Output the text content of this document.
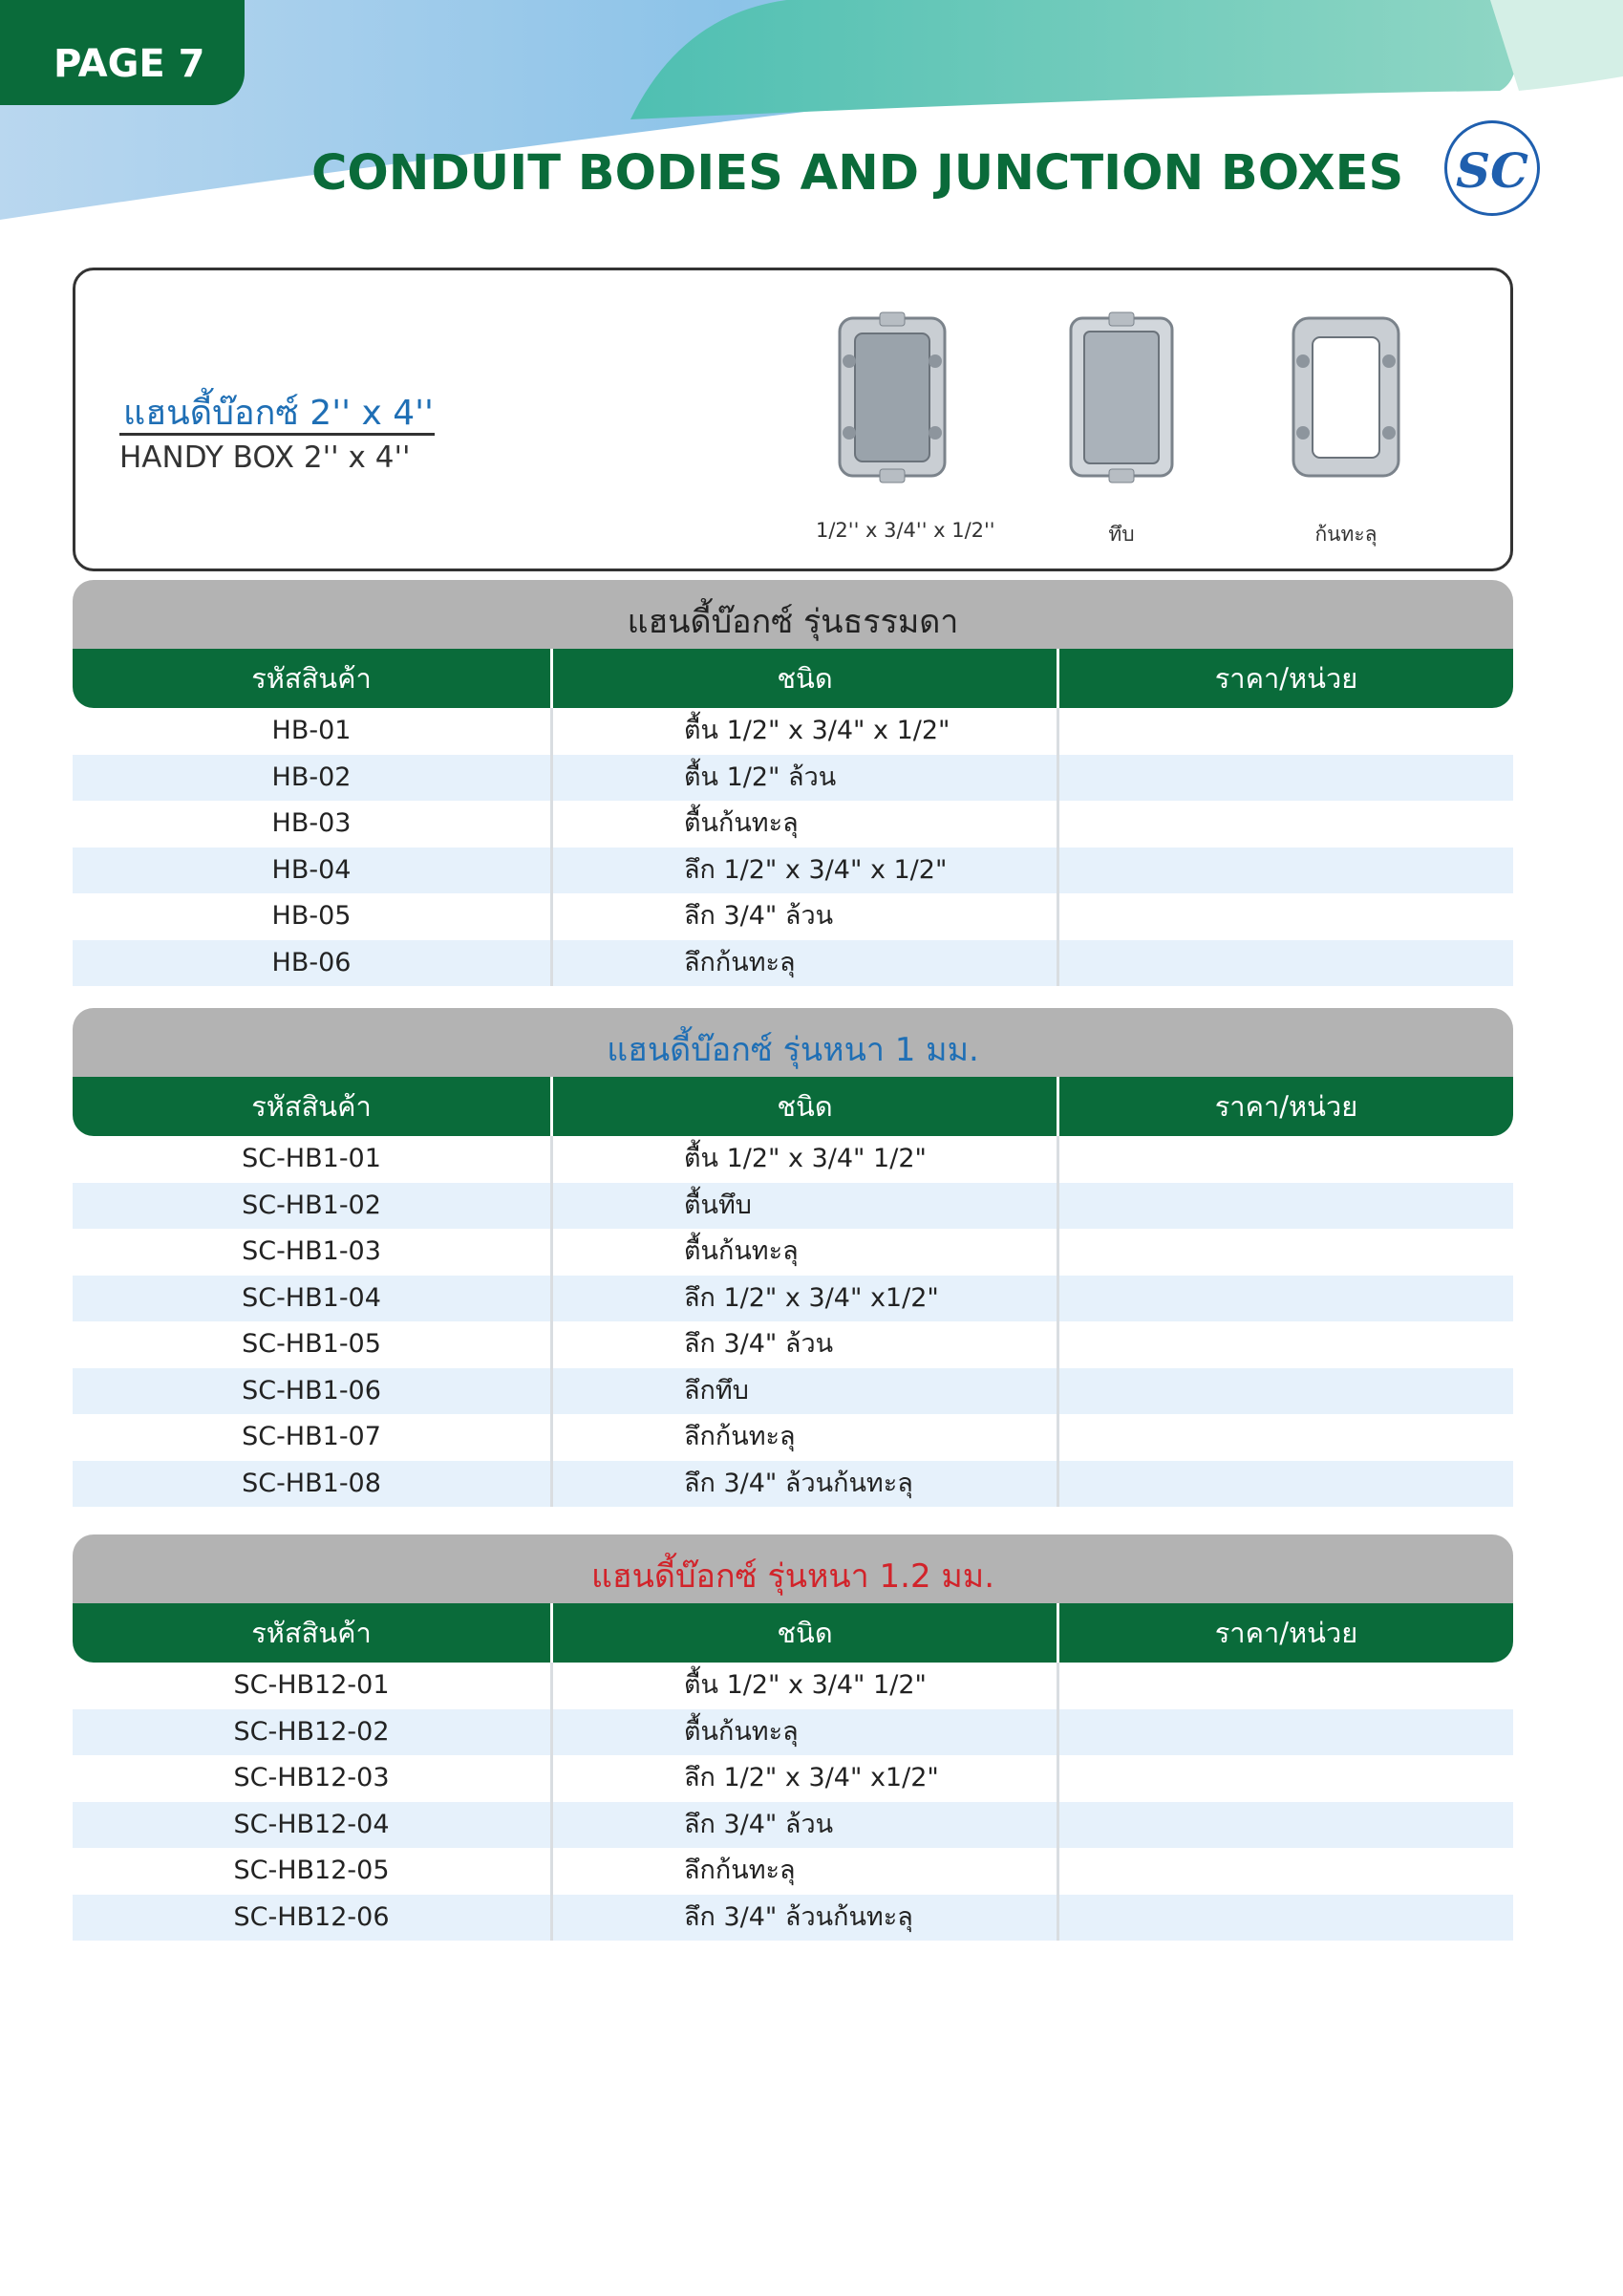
PAGE 7
CONDUIT BODIES AND JUNCTION BOXES SC
แฮนดี้บ๊อกซ์ 2'' x 4''
HANDY BOX 2'' x 4''
1/2'' x 3/4'' x 1/2''	ทึบ	ก้นทะลุ
แฮนดี้บ๊อกซ์ รุ่นธรรมดา
รหัสสินค้า	ชนิด	ราคา/หน่วย
HB-01	ตื้น 1/2" x 3/4" x 1/2"
HB-02	ตื้น 1/2" ล้วน
HB-03	ตื้นก้นทะลุ
HB-04	ลึก 1/2" x 3/4" x 1/2"
HB-05	ลึก 3/4" ล้วน
HB-06	ลึกก้นทะลุ
แฮนดี้บ๊อกซ์ รุ่นหนา 1 มม.
รหัสสินค้า	ชนิด	ราคา/หน่วย
SC-HB1-01	ตื้น 1/2" x 3/4" 1/2"
SC-HB1-02	ตื้นทึบ
SC-HB1-03	ตื้นก้นทะลุ
SC-HB1-04	ลึก 1/2" x 3/4" x1/2"
SC-HB1-05	ลึก 3/4" ล้วน
SC-HB1-06	ลึกทึบ
SC-HB1-07	ลึกก้นทะลุ
SC-HB1-08	ลึก 3/4" ล้วนก้นทะลุ
แฮนดี้บ๊อกซ์ รุ่นหนา 1.2 มม.
รหัสสินค้า	ชนิด	ราคา/หน่วย
SC-HB12-01	ตื้น 1/2" x 3/4" 1/2"
SC-HB12-02	ตื้นก้นทะลุ
SC-HB12-03	ลึก 1/2" x 3/4" x1/2"
SC-HB12-04	ลึก 3/4" ล้วน
SC-HB12-05	ลึกก้นทะลุ
SC-HB12-06	ลึก 3/4" ล้วนก้นทะลุ
